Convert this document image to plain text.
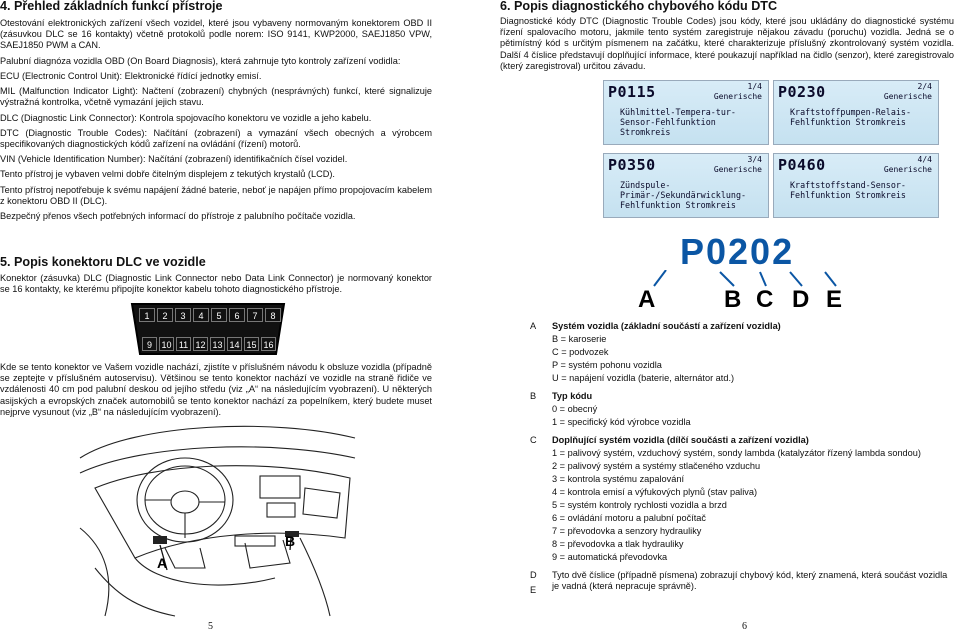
4. Přehled základních funkcí přístroje

Otestování elektronických zařízení všech vozidel, které jsou vybaveny normovaným konektorem OBD II (zásuvkou DLC se 16 kontakty) včetně protokolů podle norem: ISO 9141, KWP2000, SAEJ1850 VPW, SAEJ1850 PWM a CAN.

Palubní diagnóza vozidla OBD (On Board Diagnosis), která zahrnuje tyto kontroly zařízení vodidla:

ECU (Electronic Control Unit): Elektronické řídící jednotky emisí.

MIL (Malfunction Indicator Light): Načtení (zobrazení) chybných (nesprávných) funkcí, které signalizuje výstražná kontrolka, včetně vymazání jejich stavu.

DLC (Diagnostic Link Connector): Kontrola spojovacího konektoru ve vozidle a jeho kabelu.

DTC (Diagnostic Trouble Codes): Načítání (zobrazení) a vymazání všech obecných a výrobcem specifikovaných diagnostických kódů zařízení na ovládání (řízení) motorů.

VIN (Vehicle Identification Number): Načítání (zobrazení) identifikačních čísel vozidel.

Tento přístroj je vybaven velmi dobře čitelným displejem z tekutých krystalů (LCD).

Tento přístroj nepotřebuje k svému napájení žádné baterie, neboť je napájen přímo propojovacím kabelem z konektoru OBD II (DLC).

Bezpečný přenos všech potřebných informací do přístroje z palubního počítače vozidla.

5. Popis konektoru DLC ve vozidle

Konektor (zásuvka) DLC (Diagnostic Link Connector nebo Data Link Connector) je normovaný konektor se 16 kontakty, ke kterému připojíte konektor kabelu tohoto diagnostického přístroje.

1	2	3	4	5	6	7	8
9	10 11 12 13 14 15 16

Kde se tento konektor ve Vašem vozidle nachází, zjistíte v příslušném návodu k obsluze vozidla (případně se zeptejte v příslušném autoservisu). Většinou se tento konektor nachází ve vozidle na straně řidiče ve vzdálenosti 40 cm pod palubní deskou od jejího středu (viz „A“ na následujícím vyobrazení). U některých asijských a evropských značek automobilů se tento konektor nachází za popelníkem, který budete muset nejprve vysunout (viz „B“ na následujícím vyobrazení).

A
B
5
6. Popis diagnostického chybového kódu DTC

Diagnostické kódy DTC (Diagnostic Trouble Codes) jsou kódy, které jsou ukládány do diagnostické systému řízení spalovacího motoru, jakmile tento systém zaregistruje nějakou závadu (poruchu) vozidla. Jedná se o pětimístný kód s určitým písmenem na začátku, které charakterizuje příslušný zkontrolovaný systém vozidla. Další 4 číslice představují doplňující informace, které poukazují například na čidlo (senzor), které zaregistrovalo (který zaregistroval) určitou závadu.

P0115	1/4
Generische
Kühlmittel-Tempera-tur-Sensor-Fehlfunktion Stromkreis
P0230	2/4
Generische
Kraftstoffpumpen-Relais-Fehlfunktion Stromkreis
P0350	3/4
Generische
Zündspule-Primär-/Sekundärwicklung-Fehlfunktion Stromkreis
P0460	4/4
Generische
Kraftstoffstand-Sensor-Fehlfunktion Stromkreis
P0202
A	B C D E
A Systém vozidla (základní součástí a zařízení vozidla)
B = karoserie
C = podvozek
P = systém pohonu vozidla
U = napájení vozidla (baterie, alternátor atd.)
B Typ kódu
0 = obecný
1 = specifický kód výrobce vozidla
C Doplňující systém vozidla (dílčí součásti a zařízení vozidla)
1 = palivový systém, vzduchový systém, sondy lambda (katalyzátor řízený lambda sondou)
2 = palivový systém a systémy stlačeného vzduchu
3 = kontrola systému zapalování
4 = kontrola emisí a výfukových plynů (stav paliva)
5 = systém kontroly rychlosti vozidla a brzd
6 = ovládání motoru a palubní počítač
7 = převodovka a senzory hydrauliky
8 = převodovka a tlak hydrauliky
9 = automatická převodovka
D
E
Tyto dvě číslice (případně písmena) zobrazují chybový kód, který znamená, která součást vozidla je vadná (která nepracuje správně).
6
